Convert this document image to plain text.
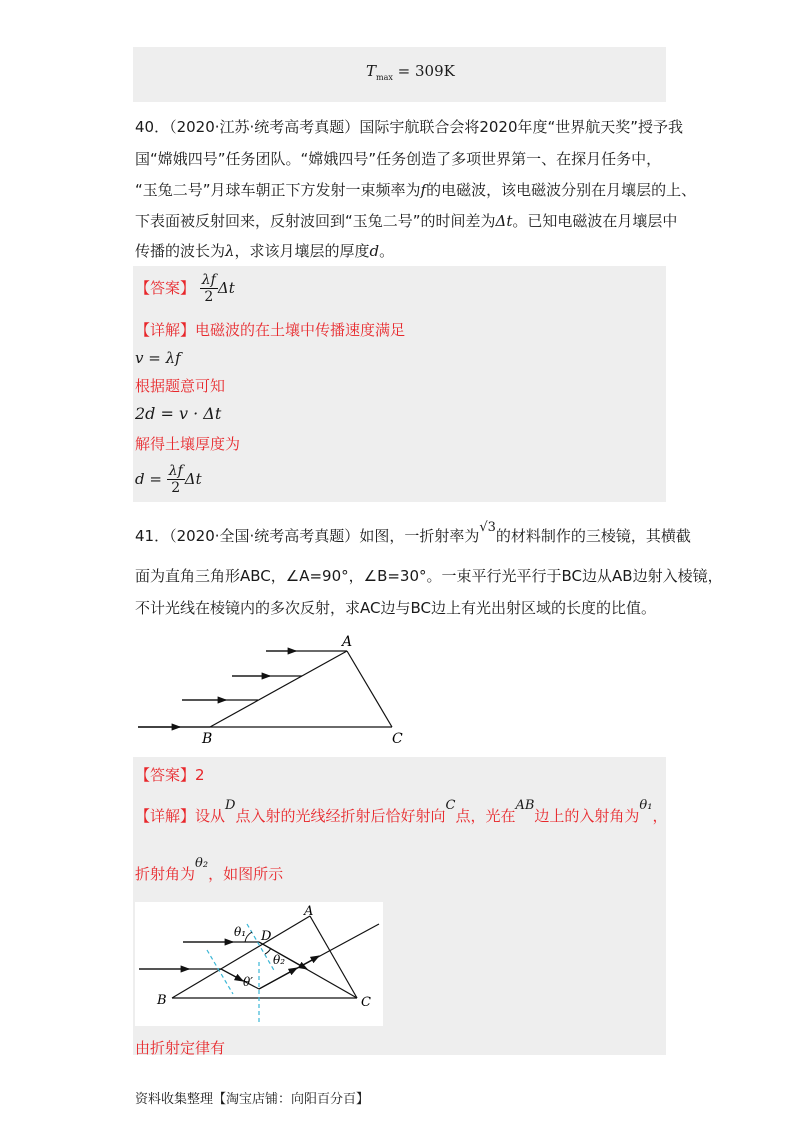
$T_{max} = 309K$
40．（2020·江苏·统考高考真题）国际宇航联合会将2020年度“世界航天奖”授予我
国“嫦娥四号”任务团队。“嫦娥四号”任务创造了多项世界第一、在探月任务中，
“玉兔二号”月球车朝正下方发射一束频率为f的电磁波，该电磁波分别在月壤层的上、
下表面被反射回来，反射波回到“玉兔二号”的时间差为Δt。已知电磁波在月壤层中
传播的波长为λ，求该月壤层的厚度d。
【答案】 $\frac{\lambda f}{2}$ Δt
【详解】电磁波的在土壤中传播速度满足
v = λf
根据题意可知
2d = v · Δt
解得土壤厚度为
$d = \frac{\lambda f}{2}$ Δt
41．（2020·全国·统考高考真题）如图，一折射率为√3的材料制作的三棱镜，其横截
面为直角三角形ABC，∠A=90°，∠B=30°。一束平行光平行于BC边从AB边射入棱镜，
不计光线在棱镜内的多次反射，求AC边与BC边上有光出射区域的长度的比值。
A
B	C
【答案】2
【详解】设从D点入射的光线经折射后恰好射向C点，光在AB边上的入射角为θ₁，
折射角为θ₂，如图所示
A
B	C
D
θ₁
θ₂
θ′
由折射定律有
资料收集整理【淘宝店铺：向阳百分百】
